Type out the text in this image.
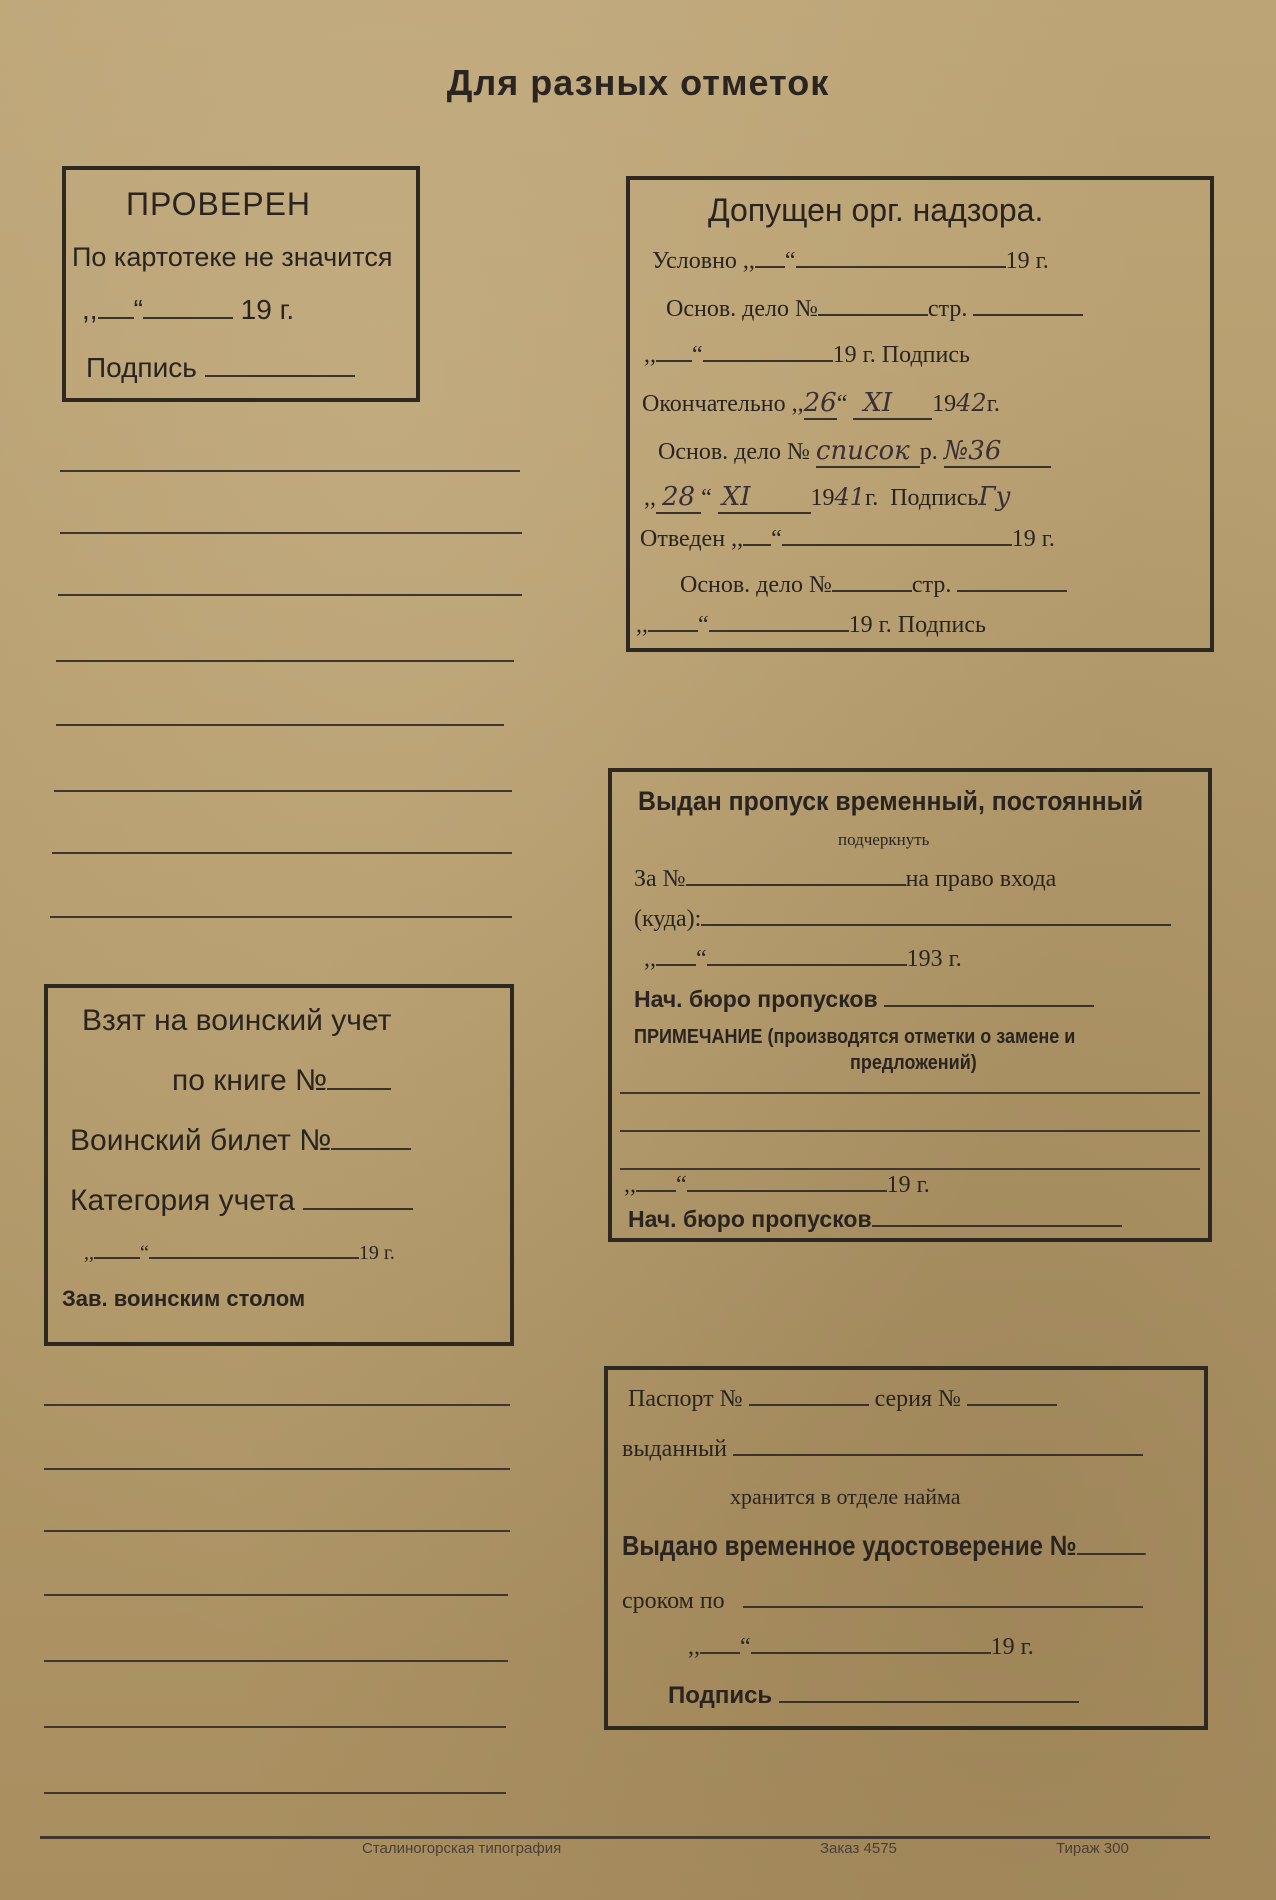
Для разных отметок
ПРОВЕРЕН
По картотеке не значится
,, “	19 г.
Подпись
Допущен орг. надзора.
Условно ,, “	19 г.
Основ. дело №	стр.
,, “	19 г. Подпись
Окончательно ,,26“ XI 1942г.
Основ. дело № список р. №36
,, 28 “ XI	1941г. ПодписьГу
Отведен ,, “	19 г.
Основ. дело №	стр.
,, “	19 г. Подпись
Выдан пропуск временный, постоянный
подчеркнуть
За №	на право входа
(куда):
,, “	193 г.
Нач. бюро пропусков
ПРИМЕЧАНИЕ (производятся отметки о замене и
предложений)
,, “	19 г.
Нач. бюро пропусков
Взят на воинский учет
по книге №
Воинский билет №
Категория учета
,, “	19 г.
Зав. воинским столом
Паспорт №	серия №
выданный
хранится в отделе найма
Выдано временное удостоверение №
сроком по
,, “	19 г.
Подпись
Сталиногорская типография	Заказ 4575	Тираж 300
